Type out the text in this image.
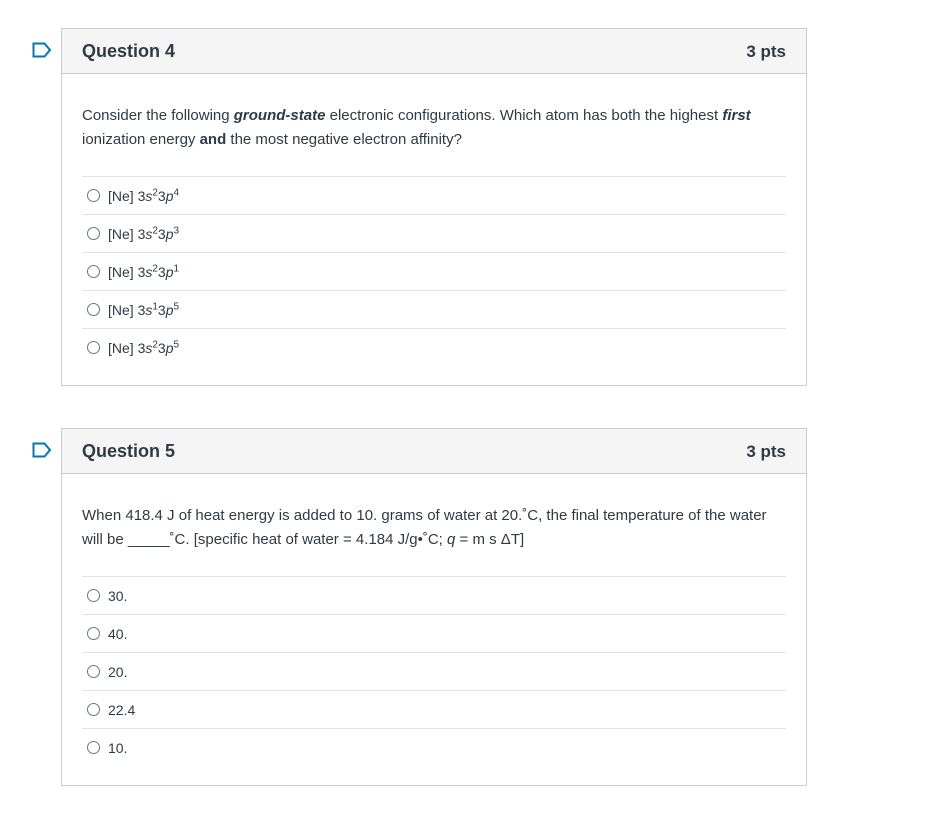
Question 4	3 pts

Consider the following ground-state electronic configurations. Which atom has both the highest first ionization energy and the most negative electron affinity?

[Ne] $3s^23p^4$
[Ne] $3s^23p^3$
[Ne] $3s^23p^1$
[Ne] $3s^13p^5$
[Ne] $3s^23p^5$
Question 5	3 pts

When 418.4 J of heat energy is added to 10. grams of water at 20.˚C, the final temperature of the water will be _____˚C. [specific heat of water = 4.184 J/g•˚C; q = m s ΔT]

30.
40.
20.
22.4
10.
